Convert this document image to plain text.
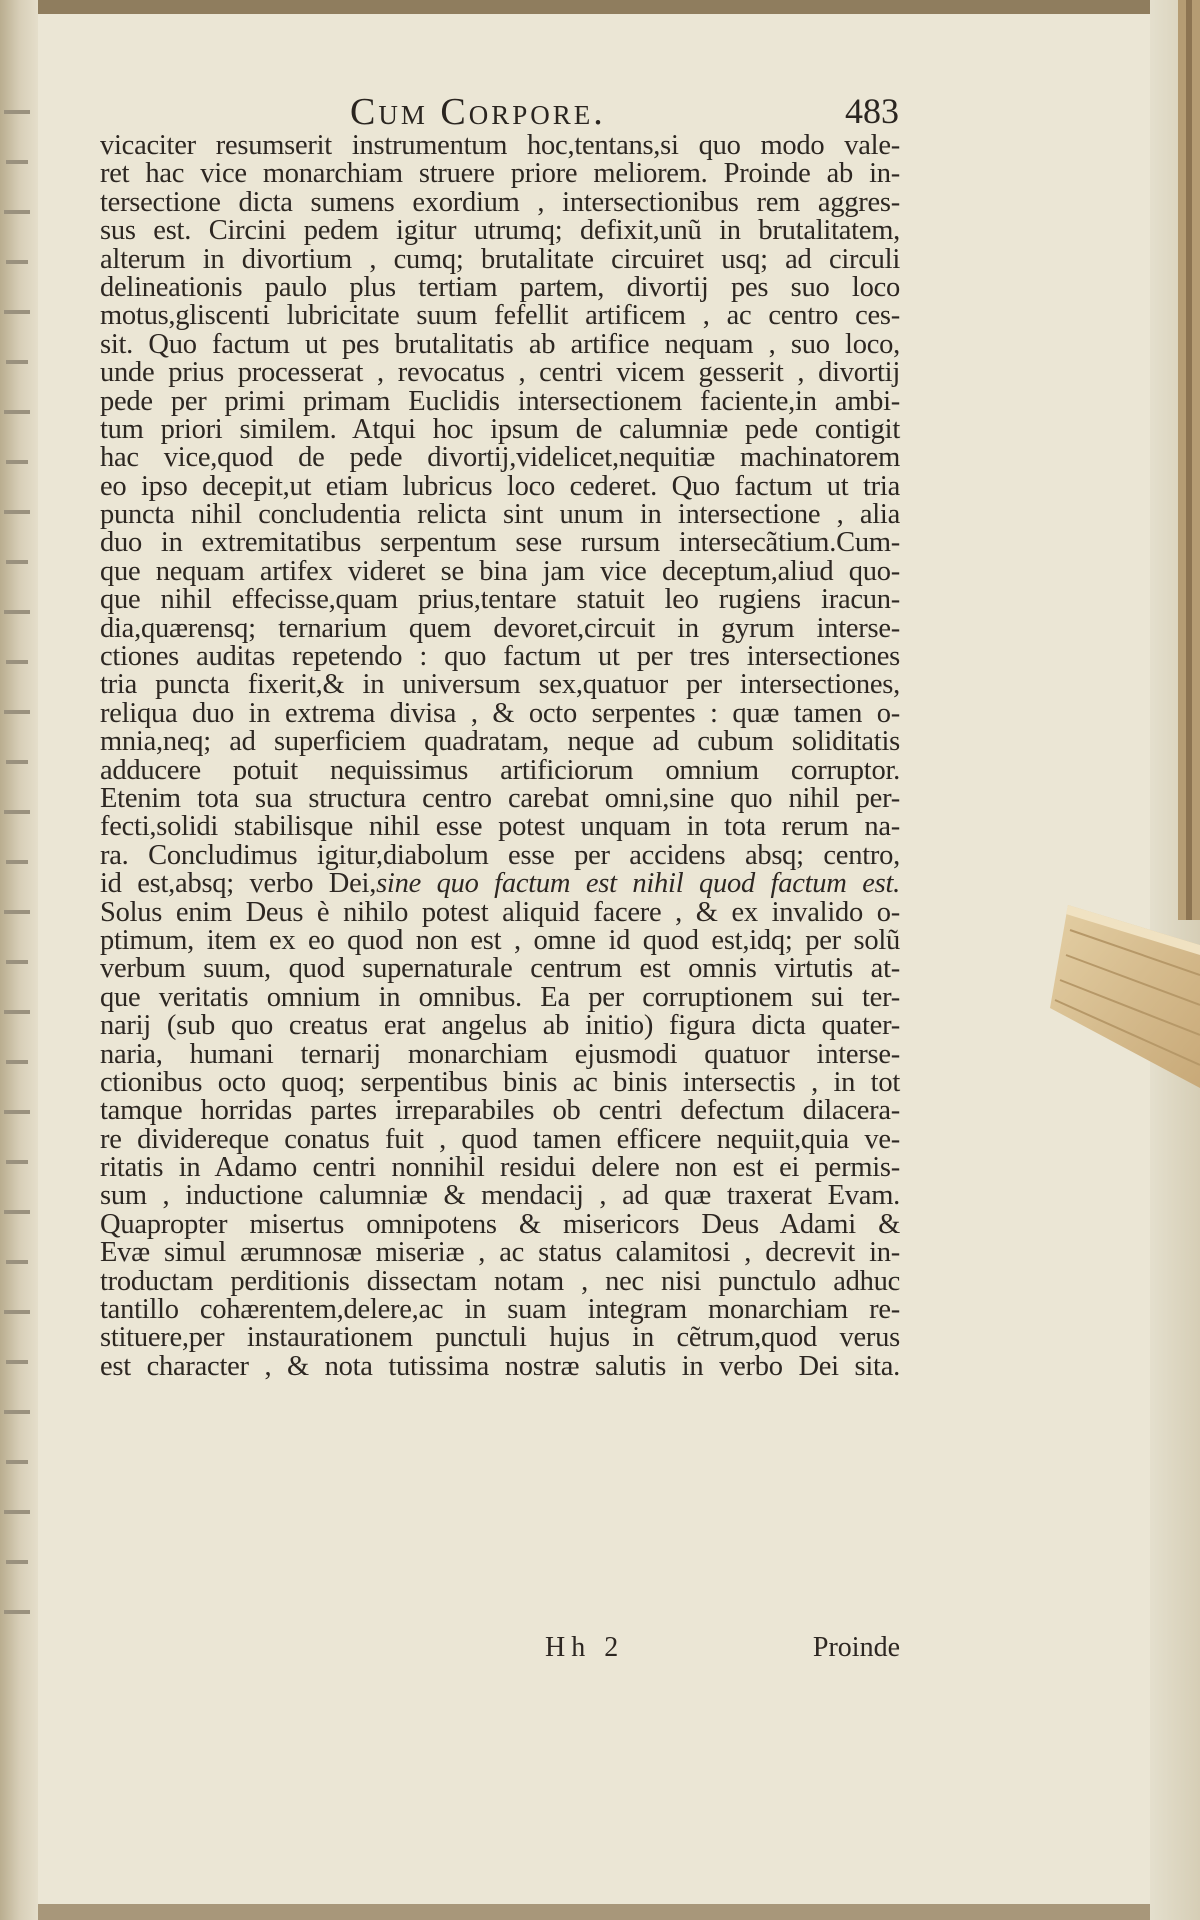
Cum Corpore.	483
vicaciter resumserit instrumentum hoc,tentans,si quo modo vale-
ret hac vice monarchiam struere priore meliorem. Proinde ab in-
tersectione dicta sumens exordium , intersectionibus rem aggres-
sus est. Circini pedem igitur utrumq; defixit,unũ in brutalitatem,
alterum in divortium , cumq; brutalitate circuiret usq; ad circuli
delineationis paulo plus tertiam partem, divortij pes suo loco
motus,gliscenti lubricitate suum fefellit artificem , ac centro ces-
sit. Quo factum ut pes brutalitatis ab artifice nequam , suo loco,
unde prius processerat , revocatus , centri vicem gesserit , divortij
pede per primi primam Euclidis intersectionem faciente,in ambi-
tum priori similem. Atqui hoc ipsum de calumniæ pede contigit
hac vice,quod de pede divortij,videlicet,nequitiæ machinatorem
eo ipso decepit,ut etiam lubricus loco cederet. Quo factum ut tria
puncta nihil concludentia relicta sint unum in intersectione , alia
duo in extremitatibus serpentum sese rursum intersecãtium.Cum-
que nequam artifex videret se bina jam vice deceptum,aliud quo-
que nihil effecisse,quam prius,tentare statuit leo rugiens iracun-
dia,quærensq; ternarium quem devoret,circuit in gyrum interse-
ctiones auditas repetendo : quo factum ut per tres intersectiones
tria puncta fixerit,& in universum sex,quatuor per intersectiones,
reliqua duo in extrema divisa , & octo serpentes : quæ tamen o-
mnia,neq; ad superficiem quadratam, neque ad cubum soliditatis
adducere potuit nequissimus artificiorum omnium corruptor.
Etenim tota sua structura centro carebat omni,sine quo nihil per-
fecti,solidi stabilisque nihil esse potest unquam in tota rerum na-
ra. Concludimus igitur,diabolum esse per accidens absq; centro,
id est,absq; verbo Dei,sine quo factum est nihil quod factum est.
Solus enim Deus è nihilo potest aliquid facere , & ex invalido o-
ptimum, item ex eo quod non est , omne id quod est,idq; per solũ
verbum suum, quod supernaturale centrum est omnis virtutis at-
que veritatis omnium in omnibus. Ea per corruptionem sui ter-
narij (sub quo creatus erat angelus ab initio) figura dicta quater-
naria, humani ternarij monarchiam ejusmodi quatuor interse-
ctionibus octo quoq; serpentibus binis ac binis intersectis , in tot
tamque horridas partes irreparabiles ob centri defectum dilacera-
re dividereque conatus fuit , quod tamen efficere nequiit,quia ve-
ritatis in Adamo centri nonnihil residui delere non est ei permis-
sum , inductione calumniæ & mendacij , ad quæ traxerat Evam.
Quapropter misertus omnipotens & misericors Deus Adami &
Evæ simul ærumnosæ miseriæ , ac status calamitosi , decrevit in-
troductam perditionis dissectam notam , nec nisi punctulo adhuc
tantillo cohærentem,delere,ac in suam integram monarchiam re-
stituere,per instaurationem punctuli hujus in cẽtrum,quod verus
est character , & nota tutissima nostræ salutis in verbo Dei sita.
Hh 2	Proinde
